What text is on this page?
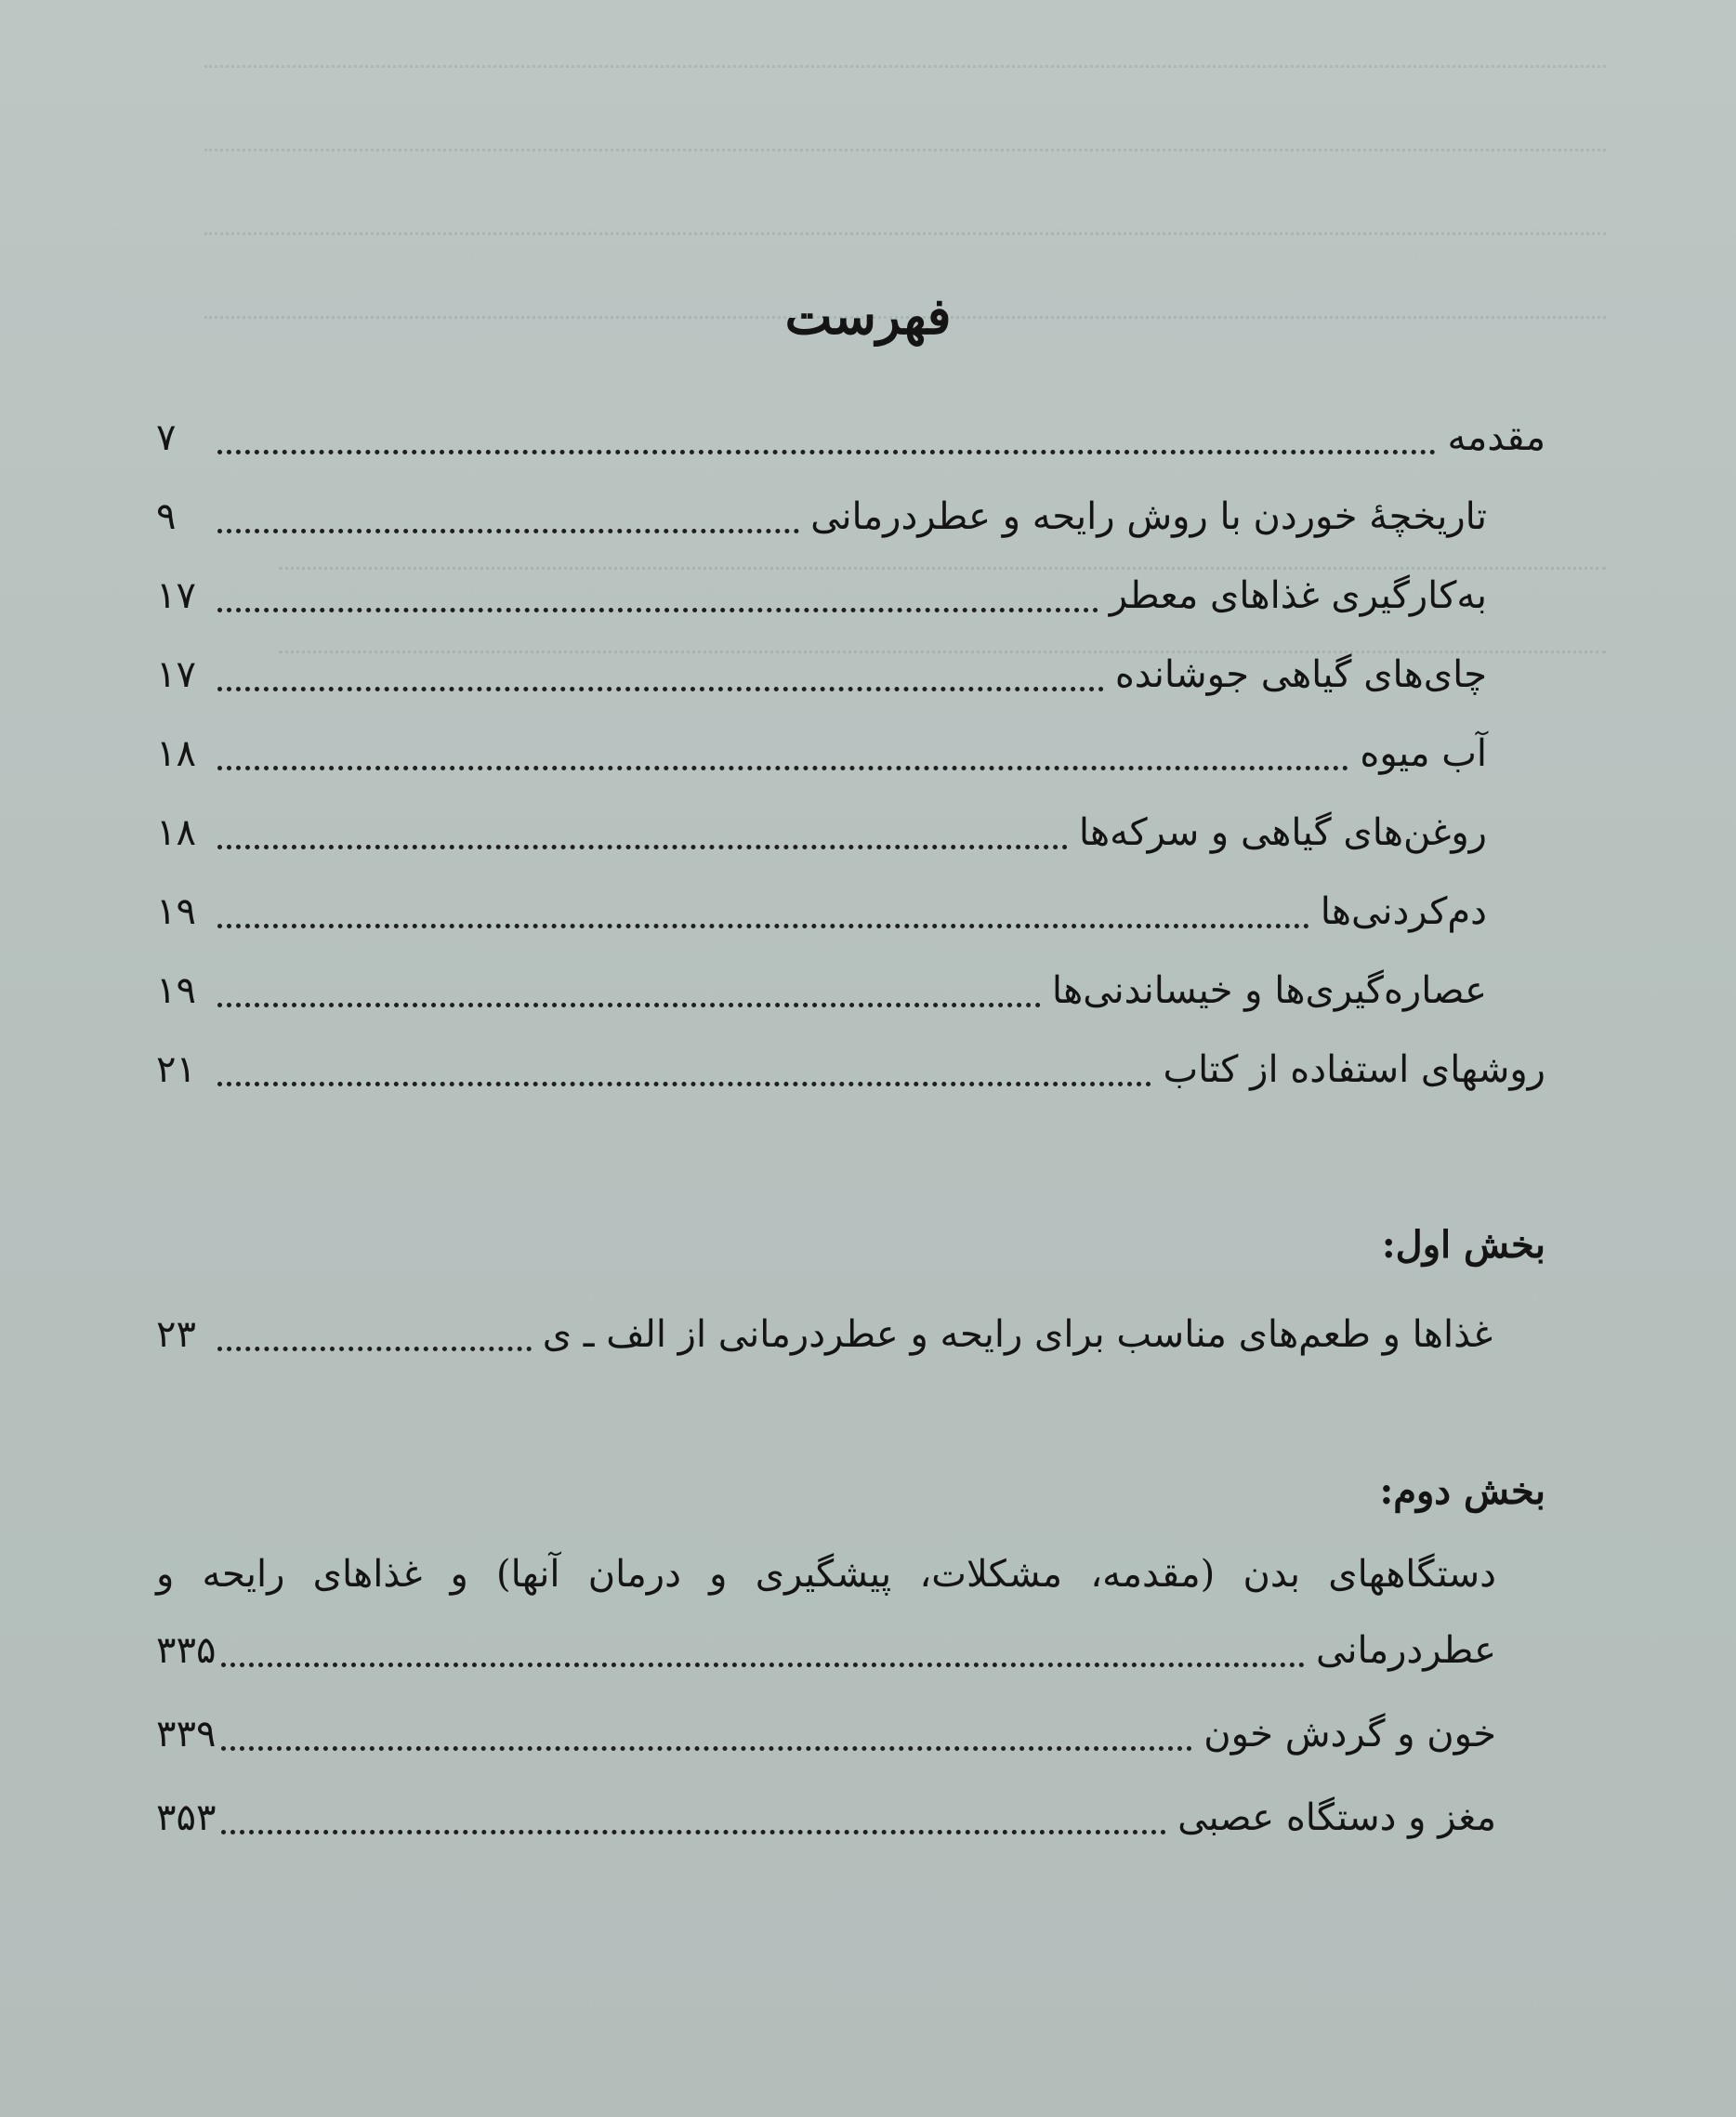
فهرست
مقدمه
۷
تاریخچهٔ خوردن با روش رایحه و عطردرمانی
۹
به‌کارگیری غذاهای معطر
۱۷
چای‌های گیاهی جوشانده
۱۷
آب میوه
۱۸
روغن‌های گیاهی و سرکه‌ها
۱۸
دم‌کردنی‌ها
۱۹
عصاره‌گیری‌ها و خیساندنی‌ها
۱۹
روشهای استفاده از کتاب
۲۱
بخش اول:
غذاها و طعم‌های مناسب برای رایحه و عطردرمانی از الف ـ ی
۲۳
بخش دوم:
دستگاههای بدن (مقدمه، مشکلات، پیشگیری و درمان آنها) و غذاهای رایحه و
عطردرمانی
۳۳۵
خون و گردش خون
۳۳۹
مغز و دستگاه عصبی
۳۵۳
